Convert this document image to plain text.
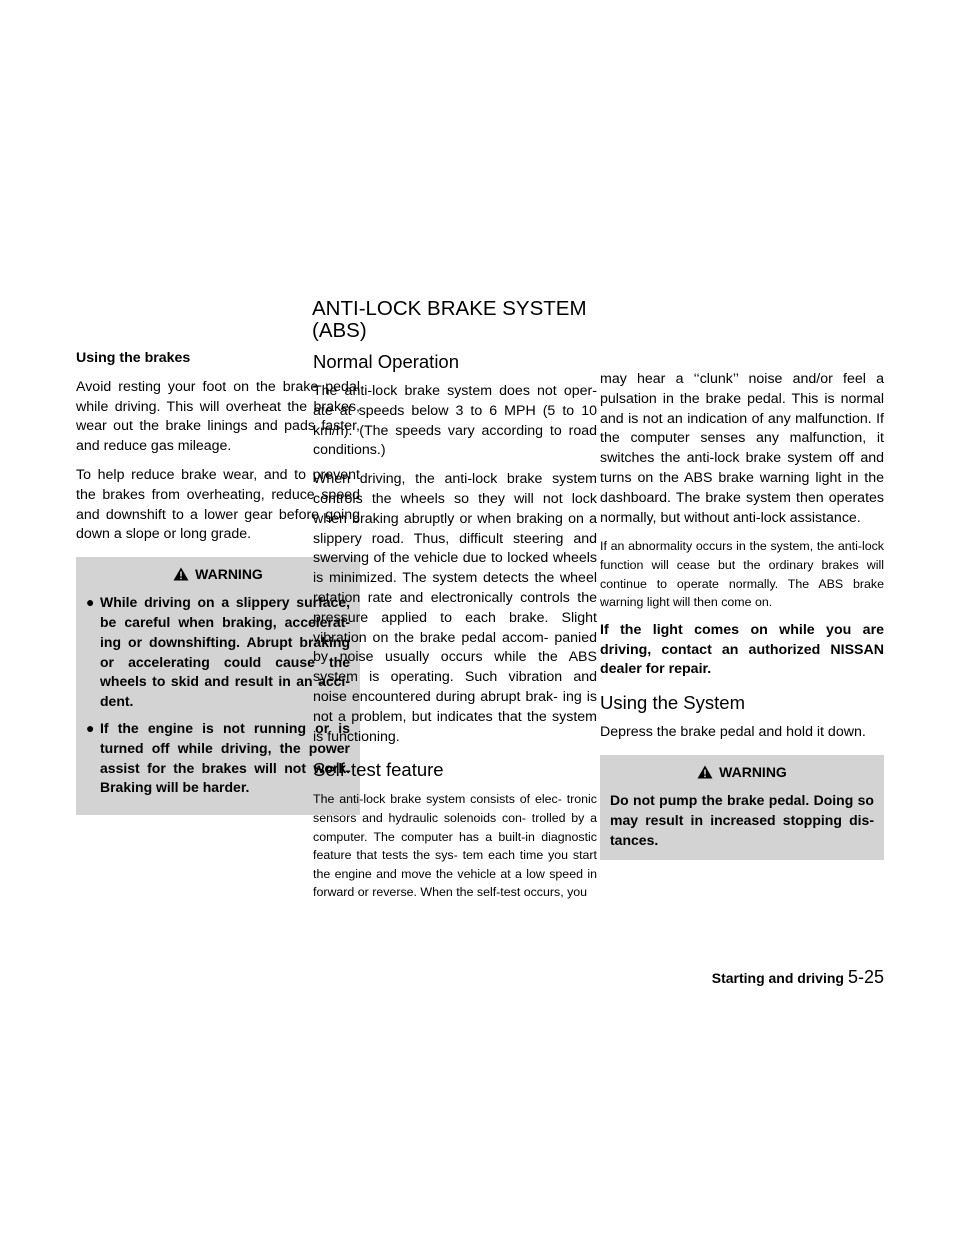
ANTI-LOCK BRAKE SYSTEM
(ABS)

Using the brakes

Avoid resting your foot on the brake pedal while driving. This will overheat the brakes, wear out the brake linings and pads faster, and reduce gas mileage.

To help reduce brake wear, and to prevent the brakes from overheating, reduce speed and downshift to a lower gear before going down a slope or long grade.

WARNING
● While driving on a slippery surface, be careful when braking, accelerat- ing or downshifting. Abrupt braking or accelerating could cause the wheels to skid and result in an acci- dent.
● If the engine is not running or is turned off while driving, the power assist for the brakes will not work. Braking will be harder.
Normal Operation

The anti-lock brake system does not oper- ate at speeds below 3 to 6 MPH (5 to 10 km/h). (The speeds vary according to road conditions.)

When driving, the anti-lock brake system controls the wheels so they will not lock when braking abruptly or when braking on a slippery road. Thus, difficult steering and swerving of the vehicle due to locked wheels is minimized. The system detects the wheel rotation rate and electronically controls the pressure applied to each brake. Slight vibration on the brake pedal accom- panied by noise usually occurs while the ABS system is operating. Such vibration and noise encountered during abrupt brak- ing is not a problem, but indicates that the system is functioning.

Self-test feature

The anti-lock brake system consists of elec- tronic sensors and hydraulic solenoids con- trolled by a computer. The computer has a built-in diagnostic feature that tests the sys- tem each time you start the engine and move the vehicle at a low speed in forward or reverse. When the self-test occurs, you

may hear a ‘‘clunk’’ noise and/or feel a pulsation in the brake pedal. This is normal and is not an indication of any malfunction. If the computer senses any malfunction, it switches the anti-lock brake system off and turns on the ABS brake warning light in the dashboard. The brake system then operates normally, but without anti-lock assistance.

If an abnormality occurs in the system, the anti-lock function will cease but the ordinary brakes will continue to operate normally. The ABS brake warning light will then come on.

If the light comes on while you are driving, contact an authorized NISSAN dealer for repair.

Using the System

Depress the brake pedal and hold it down.

WARNING

Do not pump the brake pedal. Doing so may result in increased stopping dis- tances.

Starting and driving 5-25
